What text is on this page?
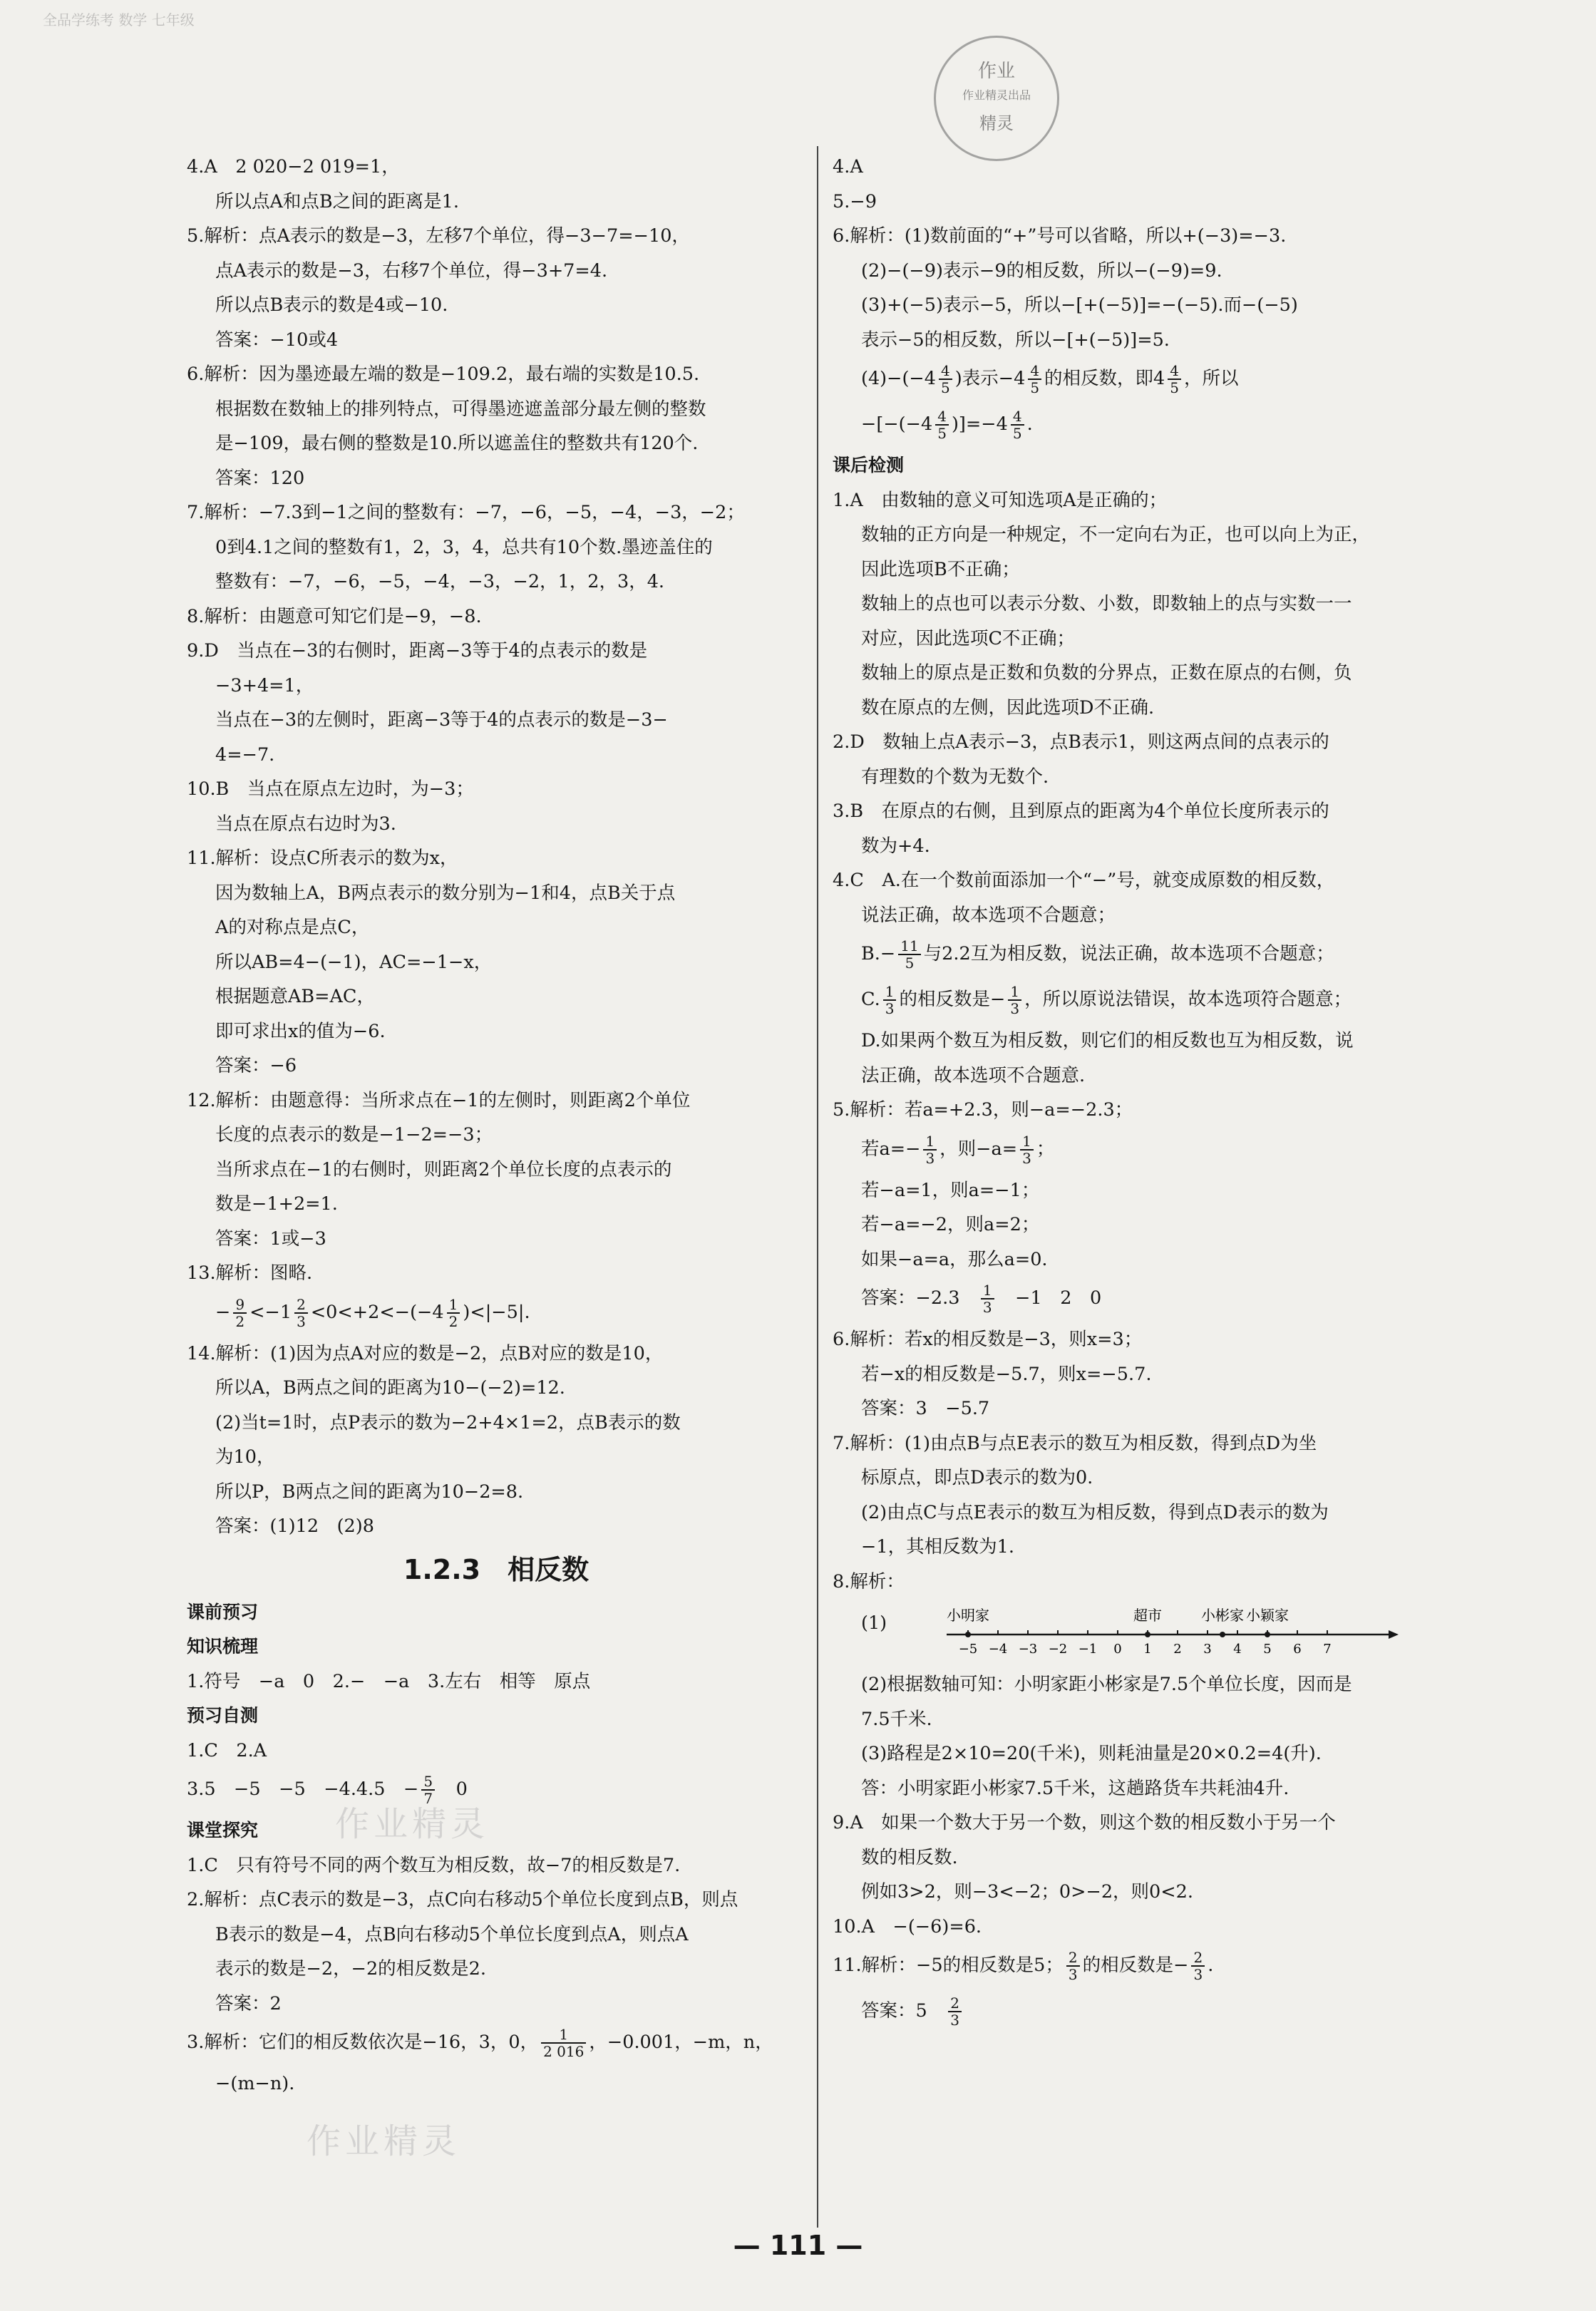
全品学练考 数学 七年级
作业
作业精灵出品
精灵
作业精灵
作业精灵
4.A　2 020−2 019=1，
所以点A和点B之间的距离是1.
5.解析：点A表示的数是−3，左移7个单位，得−3−7=−10，
点A表示的数是−3，右移7个单位，得−3+7=4.
所以点B表示的数是4或−10.
答案：−10或4
6.解析：因为墨迹最左端的数是−109.2，最右端的实数是10.5.
根据数在数轴上的排列特点，可得墨迹遮盖部分最左侧的整数
是−109，最右侧的整数是10.所以遮盖住的整数共有120个.
答案：120
7.解析：−7.3到−1之间的整数有：−7，−6，−5，−4，−3，−2；
0到4.1之间的整数有1，2，3，4，总共有10个数.墨迹盖住的
整数有：−7，−6，−5，−4，−3，−2，1，2，3，4.
8.解析：由题意可知它们是−9，−8.
9.D　当点在−3的右侧时，距离−3等于4的点表示的数是
−3+4=1，
当点在−3的左侧时，距离−3等于4的点表示的数是−3−
4=−7.
10.B　当点在原点左边时，为−3；
当点在原点右边时为3.
11.解析：设点C所表示的数为x，
因为数轴上A，B两点表示的数分别为−1和4，点B关于点
A的对称点是点C，
所以AB=4−(−1)，AC=−1−x，
根据题意AB=AC，
即可求出x的值为−6.
答案：−6
12.解析：由题意得：当所求点在−1的左侧时，则距离2个单位
长度的点表示的数是−1−2=−3；
当所求点在−1的右侧时，则距离2个单位长度的点表示的
数是−1+2=1.
答案：1或−3
13.解析：图略.
− $\frac{9}{2} <-1 \frac{2}{3} <0<+2<-(-4 \frac{1}{2} )<|-5|$.
14.解析：(1)因为点A对应的数是−2，点B对应的数是10，
所以A，B两点之间的距离为10−(−2)=12.
(2)当t=1时，点P表示的数为−2+4×1=2，点B表示的数
为10，
所以P，B两点之间的距离为10−2=8.
答案：(1)12　(2)8
1.2.3　相反数
课前预习
知识梳理
1.符号　−a　0　2.−　−a　3.左右　相等　原点
预习自测
1.C　2.A
3.5　−5　−5　−4.4.5　− $\frac{5}{7}$ 　0
课堂探究
1.C　只有符号不同的两个数互为相反数，故−7的相反数是7.
2.解析：点C表示的数是−3，点C向右移动5个单位长度到点B，则点
B表示的数是−4，点B向右移动5个单位长度到点A，则点A
表示的数是−2，−2的相反数是2.
答案：2
3.解析：它们的相反数依次是−16，3，0， $\frac{1}{2 016}$ ，−0.001，−m，n，
−(m−n).
4.A
5.−9
6.解析：(1)数前面的“+”号可以省略，所以+(−3)=−3.
(2)−(−9)表示−9的相反数，所以−(−9)=9.
(3)+(−5)表示−5，所以−[+(−5)]=−(−5).而−(−5)
表示−5的相反数，所以−[+(−5)]=5.
$(4)-(-4 \frac{4}{5}$ )表示$-4 \frac{4}{5}$ 的相反数，即$4 \frac{4}{5}$ ，所以
$-[-(-4 \frac{4}{5} )]=-4 \frac{4}{5}$ .
课后检测
1.A　由数轴的意义可知选项A是正确的；
数轴的正方向是一种规定，不一定向右为正，也可以向上为正，
因此选项B不正确；
数轴上的点也可以表示分数、小数，即数轴上的点与实数一一
对应，因此选项C不正确；
数轴上的原点是正数和负数的分界点，正数在原点的右侧，负
数在原点的左侧，因此选项D不正确.
2.D　数轴上点A表示−3，点B表示1，则这两点间的点表示的
有理数的个数为无数个.
3.B　在原点的右侧，且到原点的距离为4个单位长度所表示的
数为+4.
4.C　A.在一个数前面添加一个“−”号，就变成原数的相反数，
说法正确，故本选项不合题意；
$B.- \frac{11}{5}$ 与2.2互为相反数，说法正确，故本选项不合题意；
C. $\frac{1}{3}$ 的相反数是− $\frac{1}{3}$ ，所以原说法错误，故本选项符合题意；
D.如果两个数互为相反数，则它们的相反数也互为相反数，说
法正确，故本选项不合题意.
5.解析：若a=+2.3，则−a=−2.3；
若$a=- \frac{1}{3}$ ，则$-a= \frac{1}{3}$ ；
若−a=1，则a=−1；
若−a=−2，则a=2；
如果−a=a，那么a=0.
答案：−2.3　 $\frac{1}{3}$ 　−1　2　0
6.解析：若x的相反数是−3，则x=3；
若−x的相反数是−5.7，则x=−5.7.
答案：3　−5.7
7.解析：(1)由点B与点E表示的数互为相反数，得到点D为坐
标原点，即点D表示的数为0.
(2)由点C与点E表示的数互为相反数，得到点D表示的数为
−1，其相反数为1.
8.解析：
(1)
−5 −4 −3 −2 −1 0 1 2 3 4 5 6 7
小明家	超市	小彬家 小颖家
(2)根据数轴可知：小明家距小彬家是7.5个单位长度，因而是
7.5千米.
(3)路程是2×10=20(千米)，则耗油量是20×0.2=4(升).
答：小明家距小彬家7.5千米，这趟路货车共耗油4升.
9.A　如果一个数大于另一个数，则这个数的相反数小于另一个
数的相反数.
例如3>2，则−3<−2；0>−2，则0<2.
10.A　−(−6)=6.
11.解析：−5的相反数是5； $\frac{2}{3}$ 的相反数是− $\frac{2}{3}$ .
答案：5　 $\frac{2}{3}$
— 111 —
